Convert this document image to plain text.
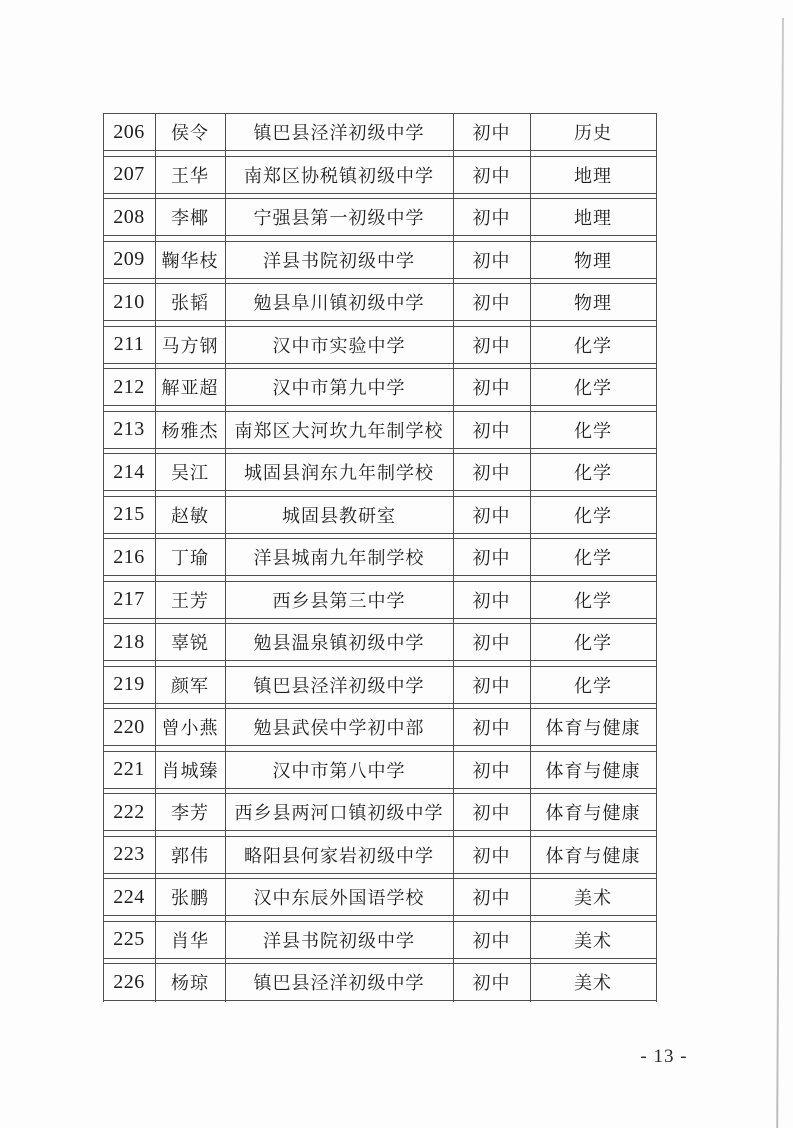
206	侯令	镇巴县泾洋初级中学	初中	历史
207	王华	南郑区协税镇初级中学	初中	地理
208	李椰	宁强县第一初级中学	初中	地理
209 鞠华枝	洋县书院初级中学	初中	物理
210	张韬	勉县阜川镇初级中学	初中	物理
211 马方钢	汉中市实验中学	初中	化学
212 解亚超	汉中市第九中学	初中	化学
213 杨雅杰 南郑区大河坎九年制学校	初中	化学
214	吴江	城固县润东九年制学校	初中	化学
215	赵敏	城固县教研室	初中	化学
216	丁瑜	洋县城南九年制学校	初中	化学
217	王芳	西乡县第三中学	初中	化学
218	辜锐	勉县温泉镇初级中学	初中	化学
219	颜军	镇巴县泾洋初级中学	初中	化学
220 曾小燕	勉县武侯中学初中部	初中	体育与健康
221 肖城臻	汉中市第八中学	初中	体育与健康
222	李芳	西乡县两河口镇初级中学	初中	体育与健康
223	郭伟	略阳县何家岩初级中学	初中	体育与健康
224	张鹏	汉中东辰外国语学校	初中	美术
225	肖华	洋县书院初级中学	初中	美术
226	杨琼	镇巴县泾洋初级中学	初中	美术
- 13 -
